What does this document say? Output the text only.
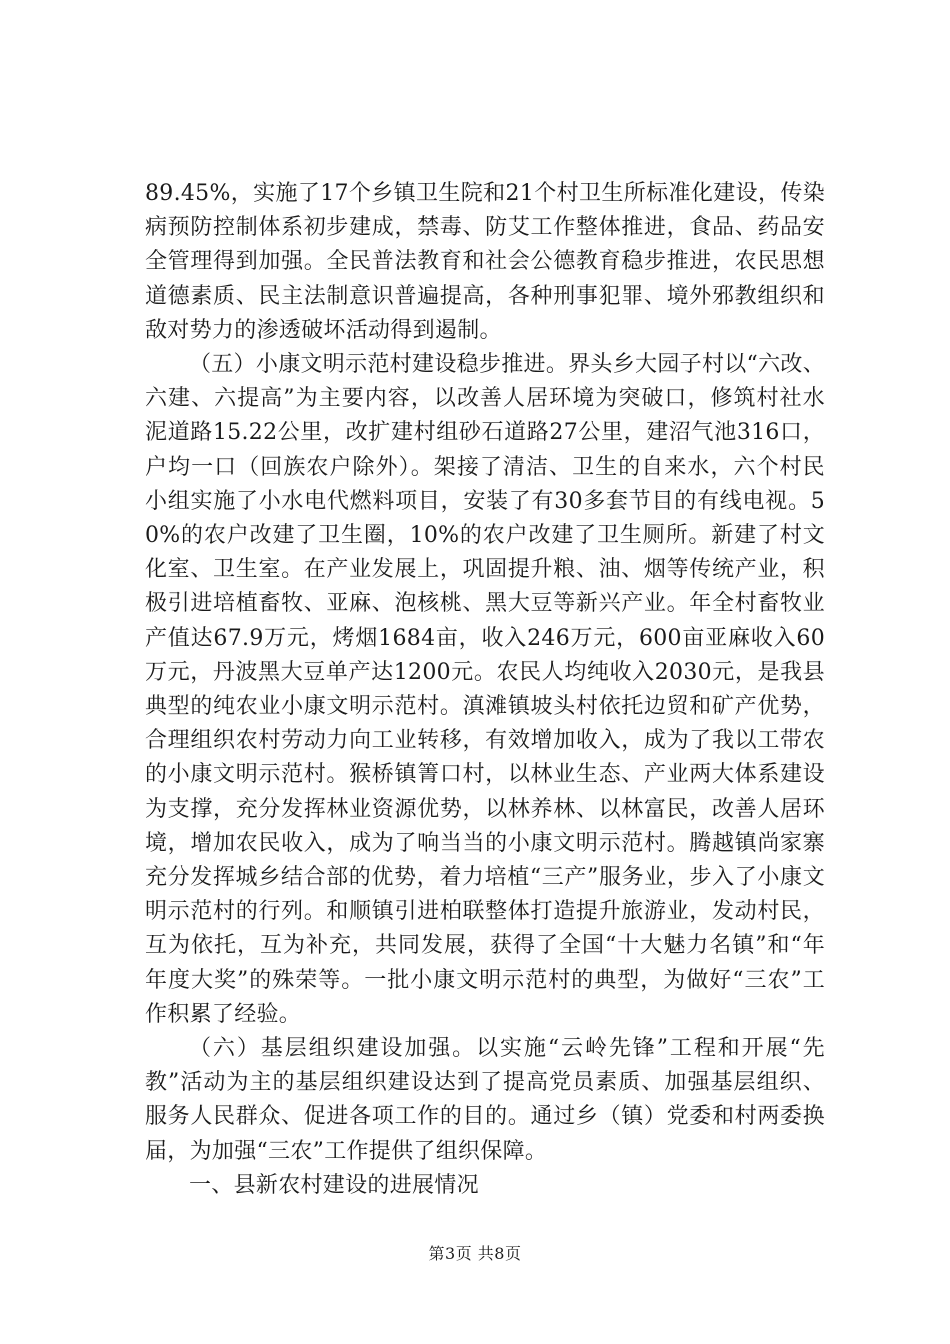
89.45%，实施了17个乡镇卫生院和21个村卫生所标准化建设，传染病预防控制体系初步建成，禁毒、防艾工作整体推进，食品、药品安全管理得到加强。全民普法教育和社会公德教育稳步推进，农民思想道德素质、民主法制意识普遍提高，各种刑事犯罪、境外邪教组织和敌对势力的渗透破坏活动得到遏制。

（五）小康文明示范村建设稳步推进。界头乡大园子村以“六改、六建、六提高”为主要内容，以改善人居环境为突破口，修筑村社水泥道路15.22公里，改扩建村组砂石道路27公里，建沼气池316口，户均一口（回族农户除外）。架接了清洁、卫生的自来水，六个村民小组实施了小水电代燃料项目，安装了有30多套节目的有线电视。50%的农户改建了卫生圈，10%的农户改建了卫生厕所。新建了村文化室、卫生室。在产业发展上，巩固提升粮、油、烟等传统产业，积极引进培植畜牧、亚麻、泡核桃、黑大豆等新兴产业。年全村畜牧业产值达67.9万元，烤烟1684亩，收入246万元，600亩亚麻收入60万元，丹波黑大豆单产达1200元。农民人均纯收入2030元，是我县典型的纯农业小康文明示范村。滇滩镇坡头村依托边贸和矿产优势，合理组织农村劳动力向工业转移，有效增加收入，成为了我以工带农的小康文明示范村。猴桥镇箐口村，以林业生态、产业两大体系建设为支撑，充分发挥林业资源优势，以林养林、以林富民，改善人居环境，增加农民收入，成为了响当当的小康文明示范村。腾越镇尚家寨充分发挥城乡结合部的优势，着力培植“三产”服务业，步入了小康文明示范村的行列。和顺镇引进柏联整体打造提升旅游业，发动村民，互为依托，互为补充，共同发展，获得了全国“十大魅力名镇”和“年年度大奖”的殊荣等。一批小康文明示范村的典型，为做好“三农”工作积累了经验。

（六）基层组织建设加强。以实施“云岭先锋”工程和开展“先教”活动为主的基层组织建设达到了提高党员素质、加强基层组织、服务人民群众、促进各项工作的目的。通过乡（镇）党委和村两委换届，为加强“三农”工作提供了组织保障。

一、县新农村建设的进展情况

第3页 共8页
